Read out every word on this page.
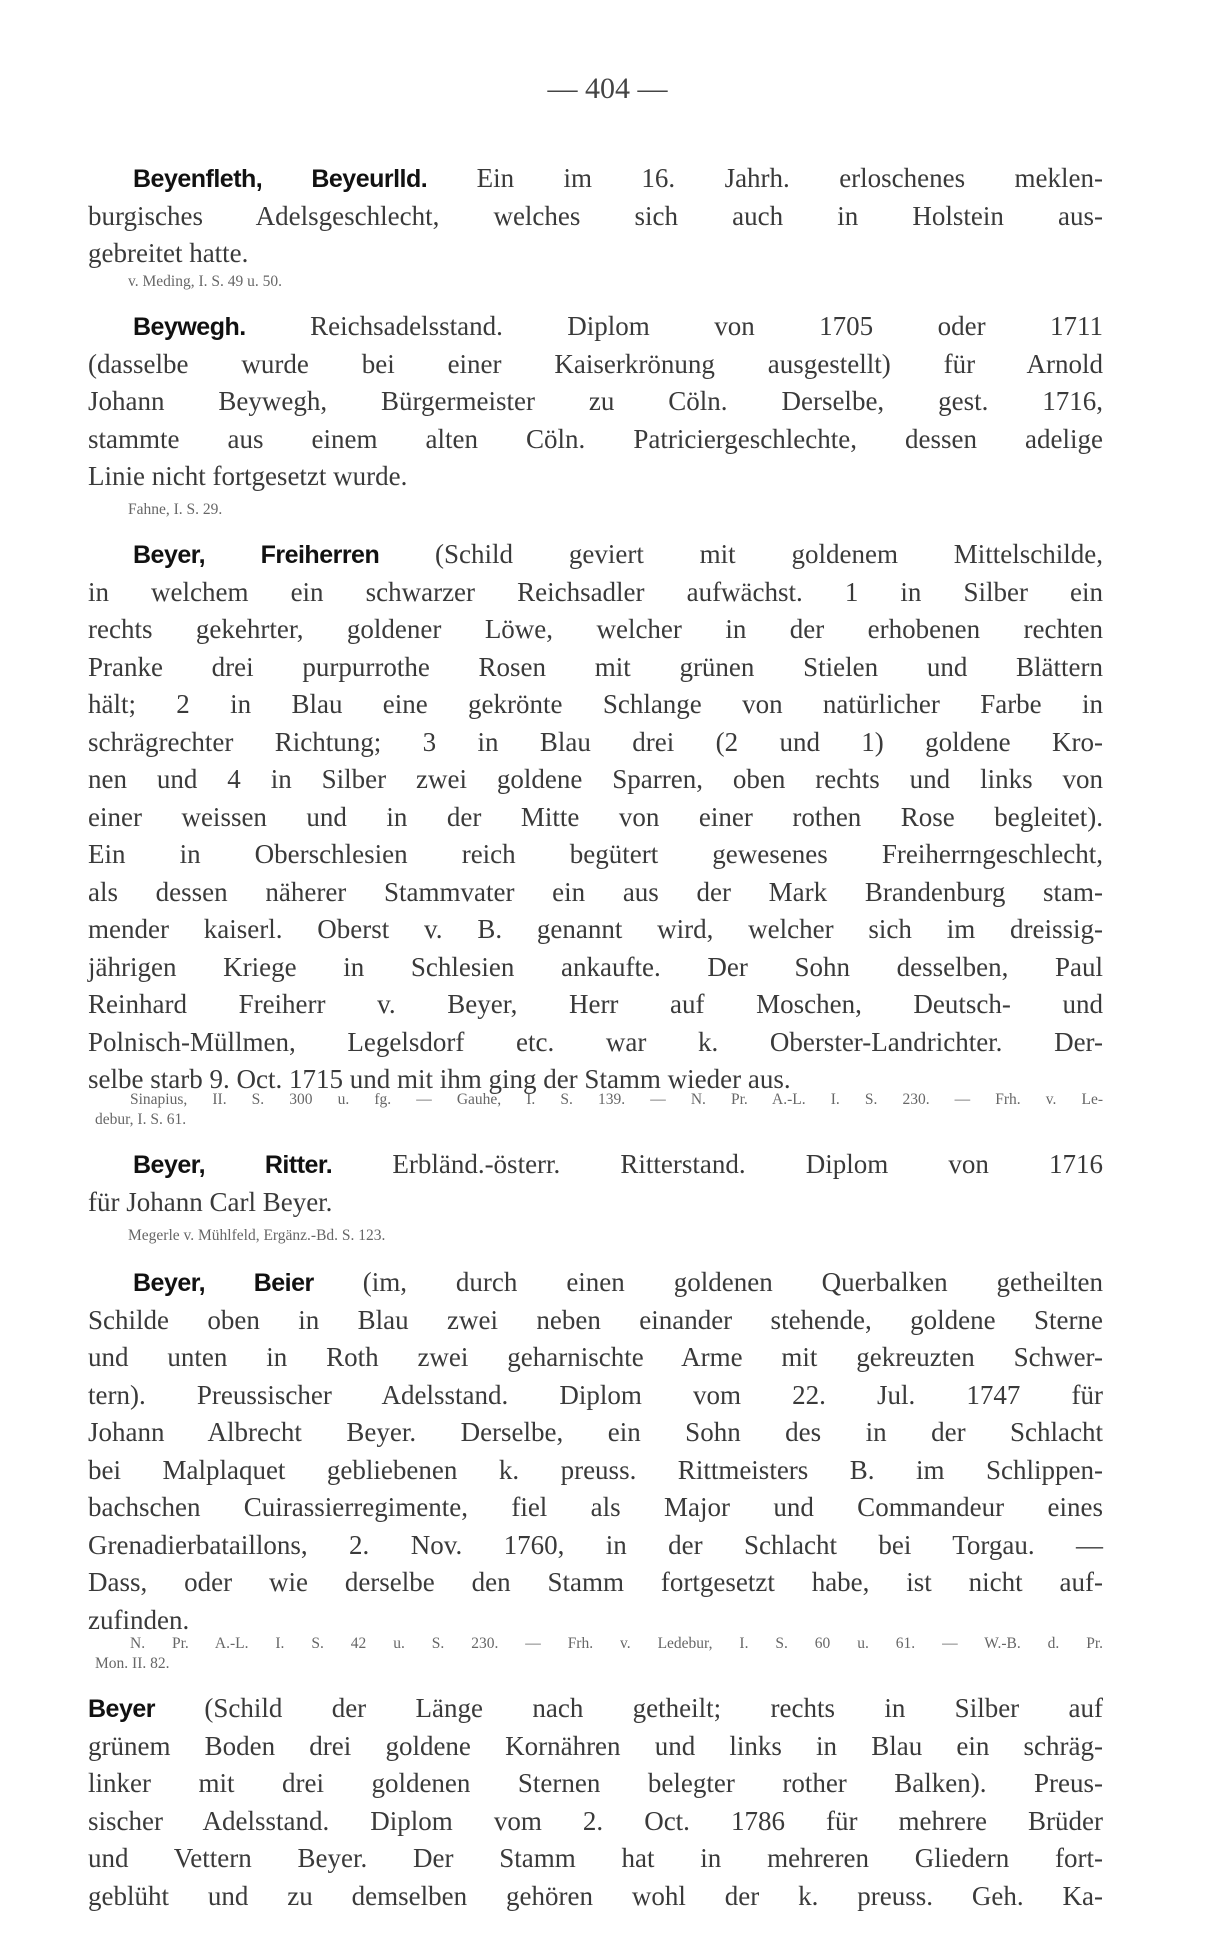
— 404 —
Beyenfleth, Beyeurlld. Ein im 16. Jahrh. erloschenes meklen-
burgisches Adelsgeschlecht, welches sich auch in Holstein aus-
gebreitet hatte.
v. Meding, I. S. 49 u. 50.
Beywegh. Reichsadelsstand. Diplom von 1705 oder 1711
(dasselbe wurde bei einer Kaiserkrönung ausgestellt) für Arnold
Johann Beywegh, Bürgermeister zu Cöln. Derselbe, gest. 1716,
stammte aus einem alten Cöln. Patriciergeschlechte, dessen adelige
Linie nicht fortgesetzt wurde.
Fahne, I. S. 29.
Beyer, Freiherren (Schild geviert mit goldenem Mittelschilde,
in welchem ein schwarzer Reichsadler aufwächst. 1 in Silber ein
rechts gekehrter, goldener Löwe, welcher in der erhobenen rechten
Pranke drei purpurrothe Rosen mit grünen Stielen und Blättern
hält; 2 in Blau eine gekrönte Schlange von natürlicher Farbe in
schrägrechter Richtung; 3 in Blau drei (2 und 1) goldene Kro-
nen und 4 in Silber zwei goldene Sparren, oben rechts und links von
einer weissen und in der Mitte von einer rothen Rose begleitet).
Ein in Oberschlesien reich begütert gewesenes Freiherrngeschlecht,
als dessen näherer Stammvater ein aus der Mark Brandenburg stam-
mender kaiserl. Oberst v. B. genannt wird, welcher sich im dreissig-
jährigen Kriege in Schlesien ankaufte. Der Sohn desselben, Paul
Reinhard Freiherr v. Beyer, Herr auf Moschen, Deutsch- und
Polnisch-Müllmen, Legelsdorf etc. war k. Oberster-Landrichter. Der-
selbe starb 9. Oct. 1715 und mit ihm ging der Stamm wieder aus.
Sinapius, II. S. 300 u. fg. — Gauhe, I. S. 139. — N. Pr. A.-L. I. S. 230. — Frh. v. Le-
debur, I. S. 61.
Beyer, Ritter. Erbländ.-österr. Ritterstand. Diplom von 1716
für Johann Carl Beyer.
Megerle v. Mühlfeld, Ergänz.-Bd. S. 123.
Beyer, Beier (im, durch einen goldenen Querbalken getheilten
Schilde oben in Blau zwei neben einander stehende, goldene Sterne
und unten in Roth zwei geharnischte Arme mit gekreuzten Schwer-
tern). Preussischer Adelsstand. Diplom vom 22. Jul. 1747 für
Johann Albrecht Beyer. Derselbe, ein Sohn des in der Schlacht
bei Malplaquet gebliebenen k. preuss. Rittmeisters B. im Schlippen-
bachschen Cuirassierregimente, fiel als Major und Commandeur eines
Grenadierbataillons, 2. Nov. 1760, in der Schlacht bei Torgau. —
Dass, oder wie derselbe den Stamm fortgesetzt habe, ist nicht auf-
zufinden.
N. Pr. A.-L. I. S. 42 u. S. 230. — Frh. v. Ledebur, I. S. 60 u. 61. — W.-B. d. Pr.
Mon. II. 82.
Beyer (Schild der Länge nach getheilt; rechts in Silber auf
grünem Boden drei goldene Kornähren und links in Blau ein schräg-
linker mit drei goldenen Sternen belegter rother Balken). Preus-
sischer Adelsstand. Diplom vom 2. Oct. 1786 für mehrere Brüder
und Vettern Beyer. Der Stamm hat in mehreren Gliedern fort-
geblüht und zu demselben gehören wohl der k. preuss. Geh. Ka-
